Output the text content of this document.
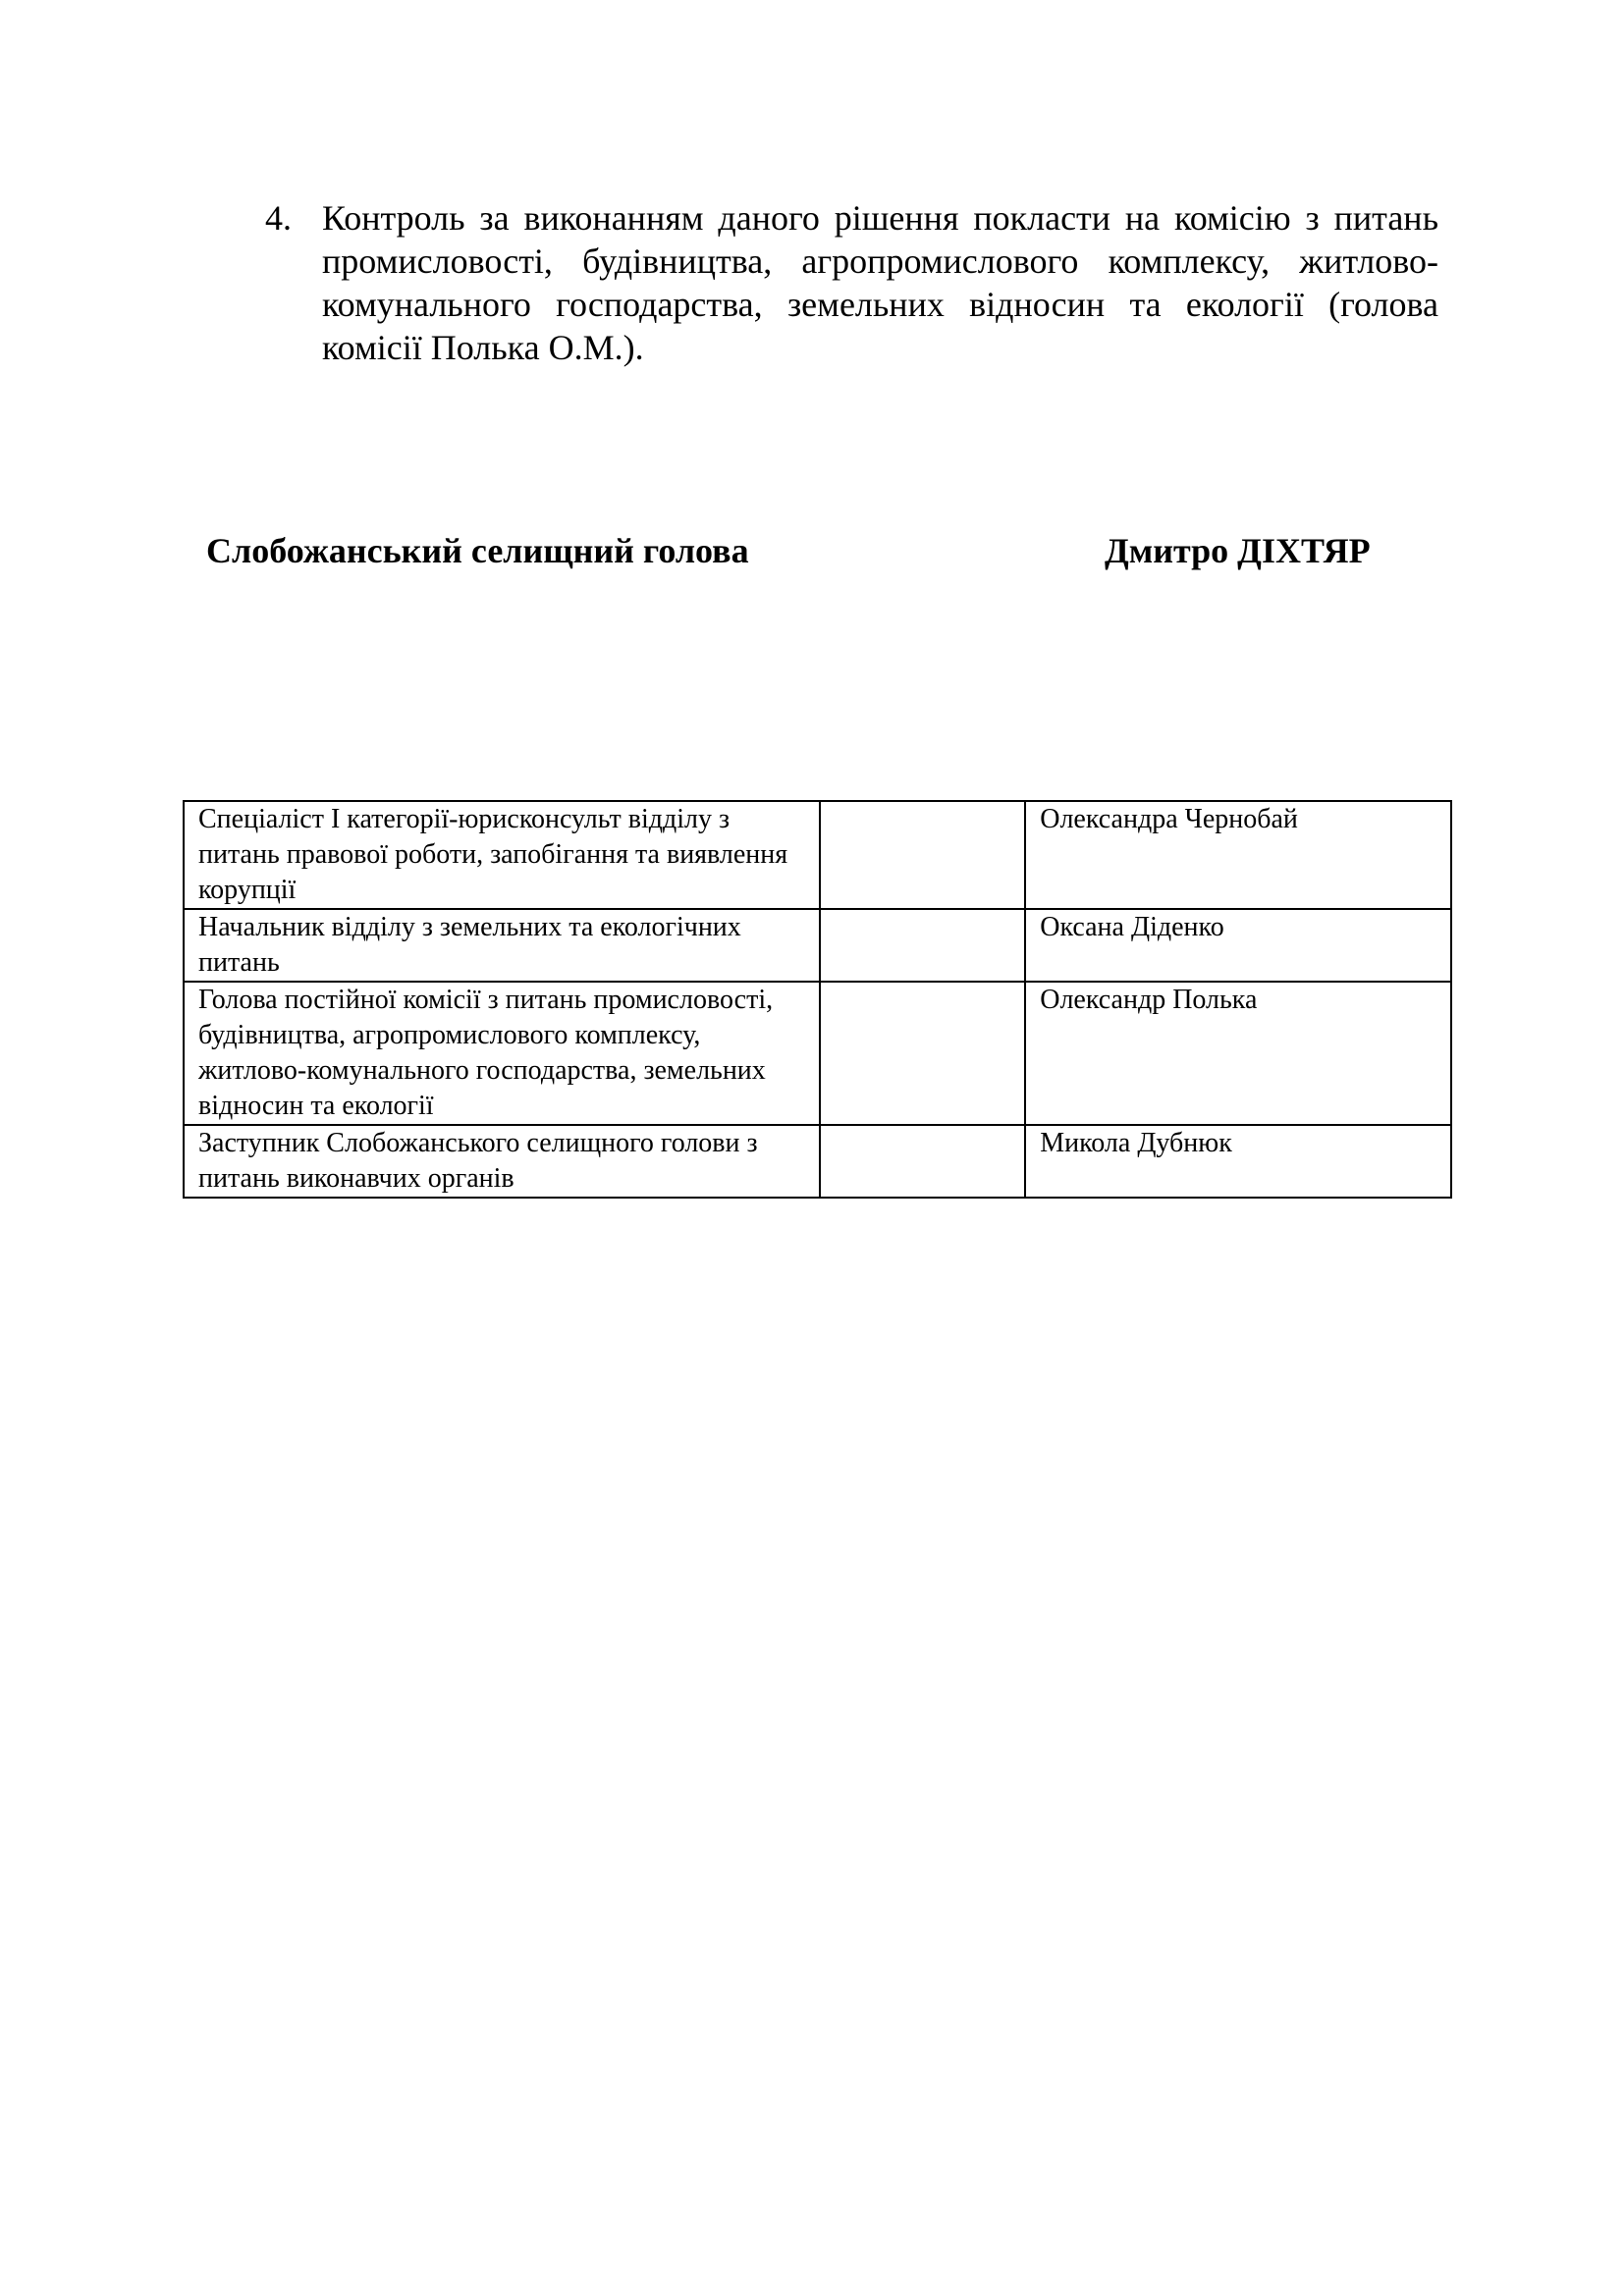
4. Контроль за виконанням даного рішення покласти на комісію з питань промисловості, будівництва, агропромислового комплексу, житлово-комунального господарства, земельних відносин та екології (голова комісії Полька О.М.).
Слобожанський селищний голова	Дмитро ДІХТЯР
Спеціаліст І категорії-юрисконсульт відділу з питань правової роботи, запобігання та виявлення корупції		Олександра Чернобай
Начальник відділу з земельних та екологічних питань		Оксана Діденко
Голова постійної комісії з питань промисловості, будівництва, агропромислового комплексу, житлово-комунального господарства, земельних відносин та екології		Олександр Полька
Заступник Слобожанського селищного голови з питань виконавчих органів		Микола Дубнюк
